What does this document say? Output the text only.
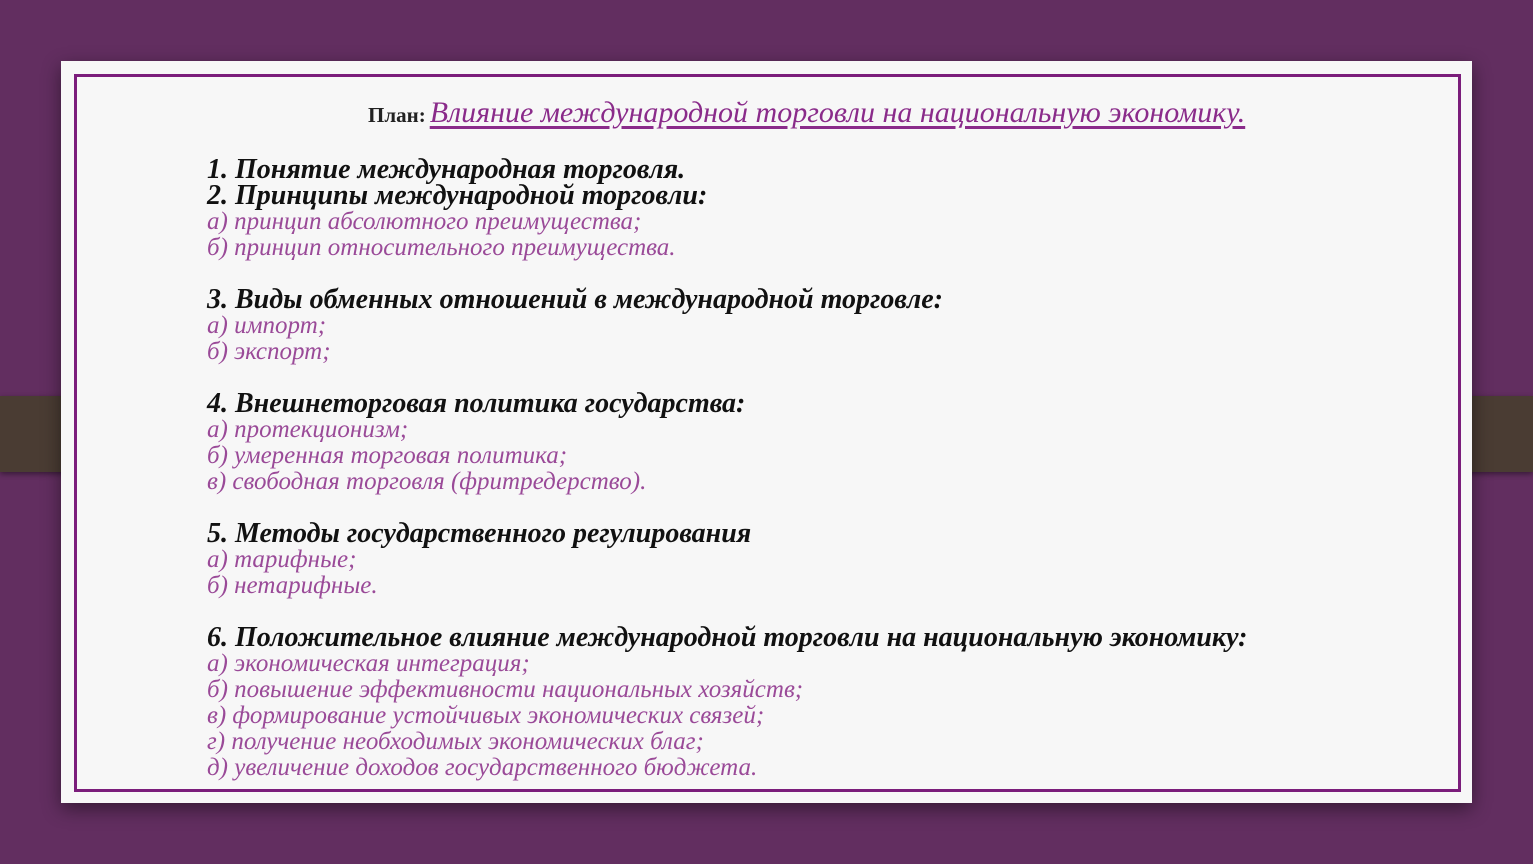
План: Влияние международной торговли на национальную экономику.
1. Понятие международная торговля.
2. Принципы международной торговли:
а) принцип абсолютного преимущества;
б) принцип относительного преимущества.
3. Виды обменных отношений в международной торговле:
а) импорт;
б) экспорт;
4. Внешнеторговая политика государства:
а) протекционизм;
б) умеренная торговая политика;
в) свободная торговля (фритредерство).
5. Методы государственного регулирования
а) тарифные;
б) нетарифные.
6. Положительное влияние международной торговли на национальную экономику:
а) экономическая интеграция;
б) повышение эффективности национальных хозяйств;
в) формирование устойчивых экономических связей;
г) получение необходимых экономических благ;
д) увеличение доходов государственного бюджета.
